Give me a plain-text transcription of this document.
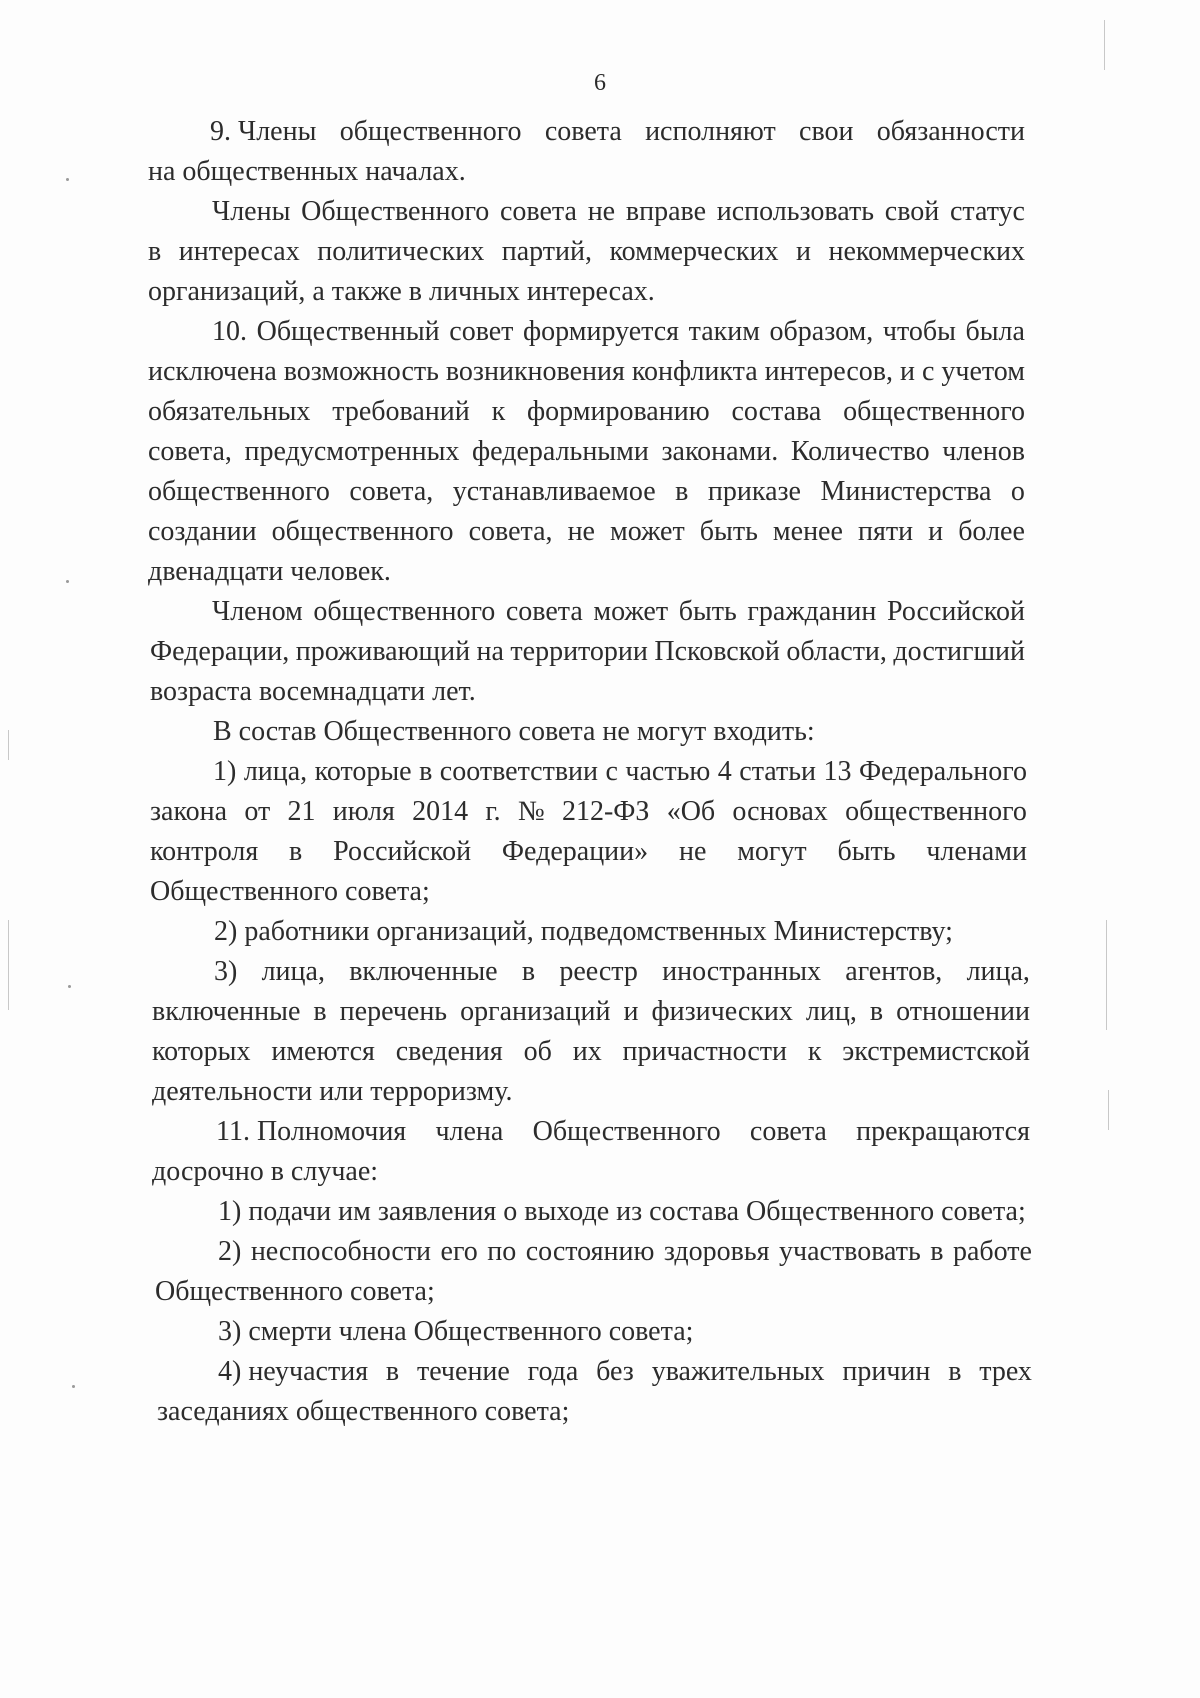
6
9. Члены общественного совета исполняют свои обязанности
на общественных началах.
Члены Общественного совета не вправе использовать свой статус
в интересах политических партий, коммерческих и некоммерческих
организаций, а также в личных интересах.
10. Общественный совет формируется таким образом, чтобы была
исключена возможность возникновения конфликта интересов, и с учетом
обязательных требований к формированию состава общественного
совета, предусмотренных федеральными законами. Количество членов
общественного совета, устанавливаемое в приказе Министерства о
создании общественного совета, не может быть менее пяти и более
двенадцати человек.
Членом общественного совета может быть гражданин Российской
Федерации, проживающий на территории Псковской области, достигший
возраста восемнадцати лет.
В состав Общественного совета не могут входить:
1) лица, которые в соответствии с частью 4 статьи 13 Федерального
закона от 21 июля 2014 г. № 212-ФЗ «Об основах общественного
контроля в Российской Федерации» не могут быть членами
Общественного совета;
2) работники организаций, подведомственных Министерству;
3) лица, включенные в реестр иностранных агентов, лица,
включенные в перечень организаций и физических лиц, в отношении
которых имеются сведения об их причастности к экстремистской
деятельности или терроризму.
11. Полномочия члена Общественного совета прекращаются
досрочно в случае:
1) подачи им заявления о выходе из состава Общественного совета;
2) неспособности его по состоянию здоровья участвовать в работе
Общественного совета;
3) смерти члена Общественного совета;
4) неучастия в течение года без уважительных причин в трех
заседаниях общественного совета;
